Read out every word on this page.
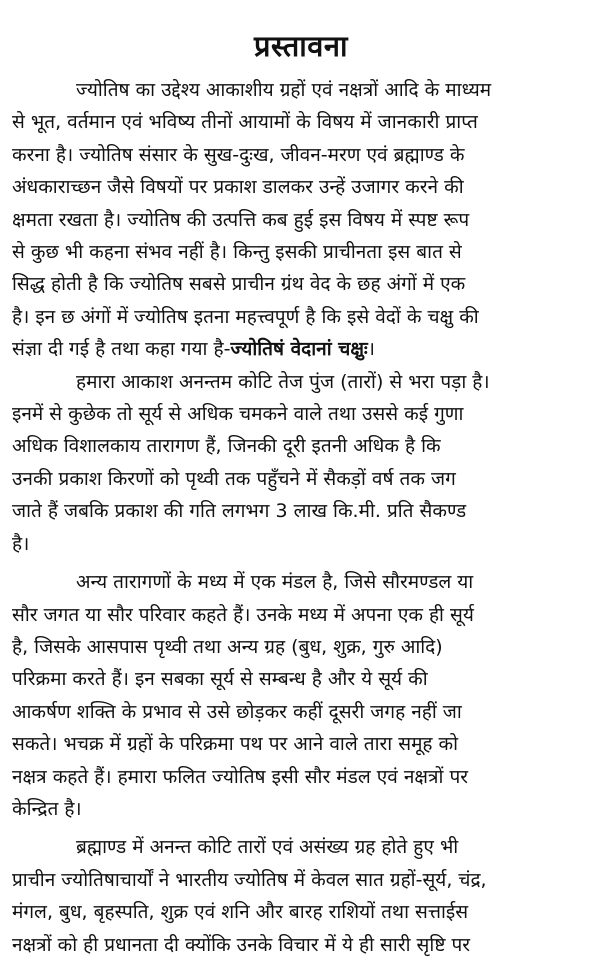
प्रस्तावना
ज्योतिष का उद्देश्य आकाशीय ग्रहों एवं नक्षत्रों आदि के माध्यम
से भूत, वर्तमान एवं भविष्य तीनों आयामों के विषय में जानकारी प्राप्त
करना है। ज्योतिष संसार के सुख-दुःख, जीवन-मरण एवं ब्रह्माण्ड के
अंधकाराच्छन जैसे विषयों पर प्रकाश डालकर उन्हें उजागर करने की
क्षमता रखता है। ज्योतिष की उत्पत्ति कब हुई इस विषय में स्पष्ट रूप
से कुछ भी कहना संभव नहीं है। किन्तु इसकी प्राचीनता इस बात से
सिद्ध होती है कि ज्योतिष सबसे प्राचीन ग्रंथ वेद के छह अंगों में एक
है। इन छ अंगों में ज्योतिष इतना महत्त्वपूर्ण है कि इसे वेदों के चक्षु की
संज्ञा दी गई है तथा कहा गया है-ज्योतिषं वेदानां चक्षुः।
हमारा आकाश अनन्तम कोटि तेज पुंज (तारों) से भरा पड़ा है।
इनमें से कुछेक तो सूर्य से अधिक चमकने वाले तथा उससे कई गुणा
अधिक विशालकाय तारागण हैं, जिनकी दूरी इतनी अधिक है कि
उनकी प्रकाश किरणों को पृथ्वी तक पहुँचने में सैकड़ों वर्ष तक जग
जाते हैं जबकि प्रकाश की गति लगभग 3 लाख कि.मी. प्रति सैकण्ड
है।
अन्य तारागणों के मध्य में एक मंडल है, जिसे सौरमण्डल या
सौर जगत या सौर परिवार कहते हैं। उनके मध्य में अपना एक ही सूर्य
है, जिसके आसपास पृथ्वी तथा अन्य ग्रह (बुध, शुक्र, गुरु आदि)
परिक्रमा करते हैं। इन सबका सूर्य से सम्बन्ध है और ये सूर्य की
आकर्षण शक्ति के प्रभाव से उसे छोड़कर कहीं दूसरी जगह नहीं जा
सकते। भचक्र में ग्रहों के परिक्रमा पथ पर आने वाले तारा समूह को
नक्षत्र कहते हैं। हमारा फलित ज्योतिष इसी सौर मंडल एवं नक्षत्रों पर
केन्द्रित है।
ब्रह्माण्ड में अनन्त कोटि तारों एवं असंख्य ग्रह होते हुए भी
प्राचीन ज्योतिषाचार्यों ने भारतीय ज्योतिष में केवल सात ग्रहों-सूर्य, चंद्र,
मंगल, बुध, बृहस्पति, शुक्र एवं शनि और बारह राशियों तथा सत्ताईस
नक्षत्रों को ही प्रधानता दी क्योंकि उनके विचार में ये ही सारी सृष्टि पर
